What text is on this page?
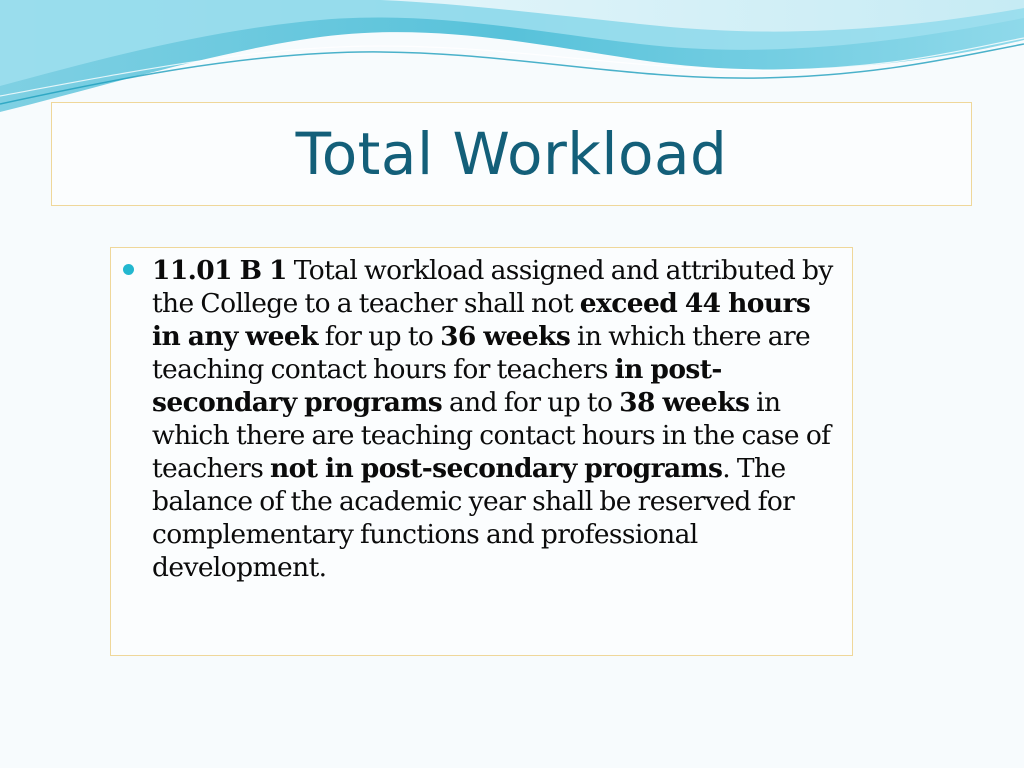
Total Workload
11.01 B 1 Total workload assigned and attributed by the College to a teacher shall not exceed 44 hours in any week for up to 36 weeks in which there are teaching contact hours for teachers in post-secondary programs and for up to 38 weeks in which there are teaching contact hours in the case of teachers not in post-secondary programs. The balance of the academic year shall be reserved for complementary functions and professional development.
